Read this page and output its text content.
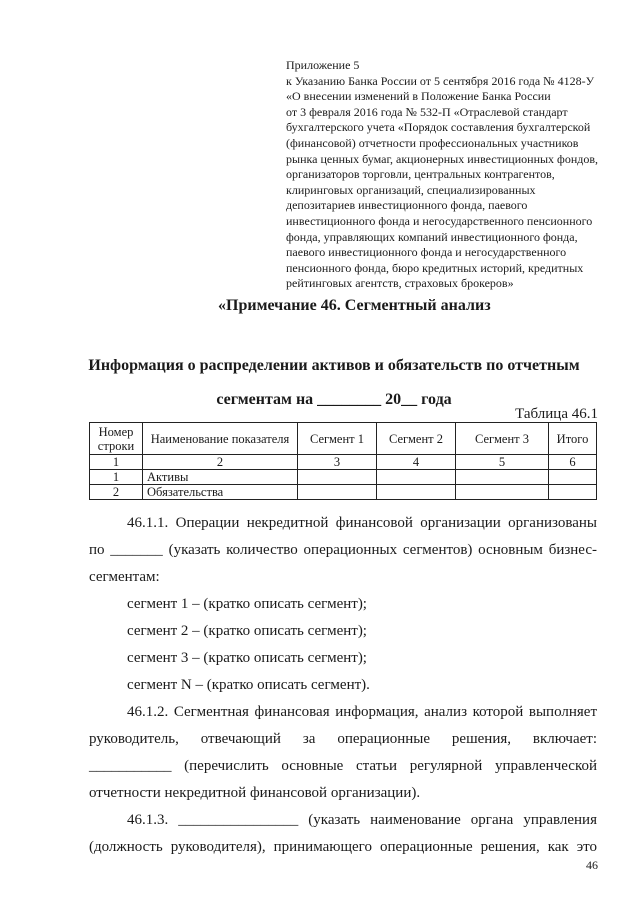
Приложение 5
к Указанию Банка России от 5 сентября 2016 года № 4128-У
«О внесении изменений в Положение Банка России
от 3 февраля 2016 года № 532-П «Отраслевой стандарт
бухгалтерского учета «Порядок составления бухгалтерской
(финансовой) отчетности профессиональных участников
рынка ценных бумаг, акционерных инвестиционных фондов,
организаторов торговли, центральных контрагентов,
клиринговых организаций, специализированных
депозитариев инвестиционного фонда, паевого
инвестиционного фонда и негосударственного пенсионного
фонда, управляющих компаний инвестиционного фонда,
паевого инвестиционного фонда и негосударственного
пенсионного фонда, бюро кредитных историй, кредитных
рейтинговых агентств, страховых брокеров»
«Примечание 46. Сегментный анализ
Информация о распределении активов и обязательств по отчетным
сегментам на ________ 20__ года
Таблица 46.1
Номер строки	Наименование показателя	Сегмент 1	Сегмент 2	Сегмент 3	Итого
1	2	3	4	5	6
1	Активы				
2	Обязательства				

46.1.1. Операции некредитной финансовой организации организованы

по _______ (указать количество операционных сегментов) основным бизнес-

сегментам:

сегмент 1 – (кратко описать сегмент);

сегмент 2 – (кратко описать сегмент);

сегмент 3 – (кратко описать сегмент);

сегмент N – (кратко описать сегмент).

46.1.2. Сегментная финансовая информация, анализ которой выполняет

руководитель, отвечающий за операционные решения, включает:

___________ (перечислить основные статьи регулярной управленческой

отчетности некредитной финансовой организации).

46.1.3. ________________ (указать наименование органа управления

(должность руководителя), принимающего операционные решения, как это

46
